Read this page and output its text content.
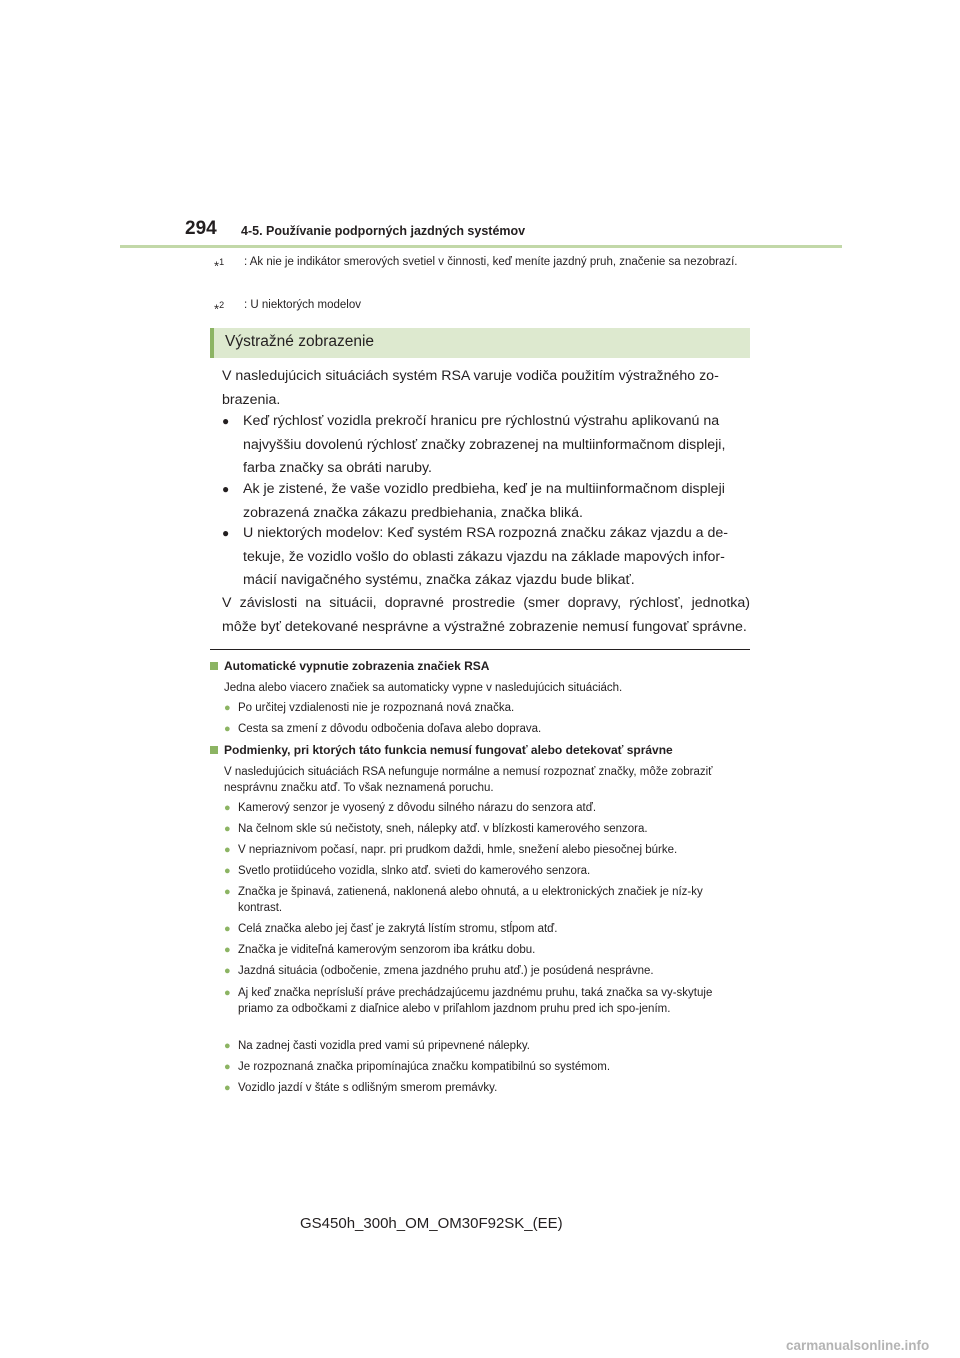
294 4-5. Používanie podporných jazdných systémov
*$^1$	: Ak nie je indikátor smerových svetiel v činnosti, keď meníte jazdný pruh, značenie sa nezobrazí.
*$^2$	: U niektorých modelov
Výstražné zobrazenie
V nasledujúcich situáciách systém RSA varuje vodiča použitím výstražného zo-brazenia.
● Keď rýchlosť vozidla prekročí hranicu pre rýchlostnú výstrahu aplikovanú na najvyššiu dovolenú rýchlosť značky zobrazenej na multiinformačnom displeji, farba značky sa obráti naruby.
● Ak je zistené, že vaše vozidlo predbieha, keď je na multiinformačnom displeji zobrazená značka zákazu predbiehania, značka bliká.
● U niektorých modelov: Keď systém RSA rozpozná značku zákaz vjazdu a de-tekuje, že vozidlo vošlo do oblasti zákazu vjazdu na základe mapových infor-mácií navigačného systému, značka zákaz vjazdu bude blikať.
V závislosti na situácii, dopravné prostredie (smer dopravy, rýchlosť, jednotka) môže byť detekované nesprávne a výstražné zobrazenie nemusí fungovať správne.
Automatické vypnutie zobrazenia značiek RSA
Jedna alebo viacero značiek sa automaticky vypne v nasledujúcich situáciách.
● Po určitej vzdialenosti nie je rozpoznaná nová značka.
● Cesta sa zmení z dôvodu odbočenia doľava alebo doprava.
Podmienky, pri ktorých táto funkcia nemusí fungovať alebo detekovať správne
V nasledujúcich situáciách RSA nefunguje normálne a nemusí rozpoznať značky, môže zobraziť nesprávnu značku atď. To však neznamená poruchu.
● Kamerový senzor je vyosený z dôvodu silného nárazu do senzora atď.
● Na čelnom skle sú nečistoty, sneh, nálepky atď. v blízkosti kamerového senzora.
● V nepriaznivom počasí, napr. pri prudkom daždi, hmle, snežení alebo piesočnej búrke.
● Svetlo protiidúceho vozidla, slnko atď. svieti do kamerového senzora.
● Značka je špinavá, zatienená, naklonená alebo ohnutá, a u elektronických značiek je níz-ky kontrast.
● Celá značka alebo jej časť je zakrytá lístím stromu, stĺpom atď.
● Značka je viditeľná kamerovým senzorom iba krátku dobu.
● Jazdná situácia (odbočenie, zmena jazdného pruhu atď.) je posúdená nesprávne.
● Aj keď značka neprísluší práve prechádzajúcemu jazdnému pruhu, taká značka sa vy-skytuje priamo za odbočkami z diaľnice alebo v priľahlom jazdnom pruhu pred ich spo-jením.
● Na zadnej časti vozidla pred vami sú pripevnené nálepky.
● Je rozpoznaná značka pripomínajúca značku kompatibilnú so systémom.
● Vozidlo jazdí v štáte s odlišným smerom premávky.
GS450h_300h_OM_OM30F92SK_(EE)
carmanualsonline.info
